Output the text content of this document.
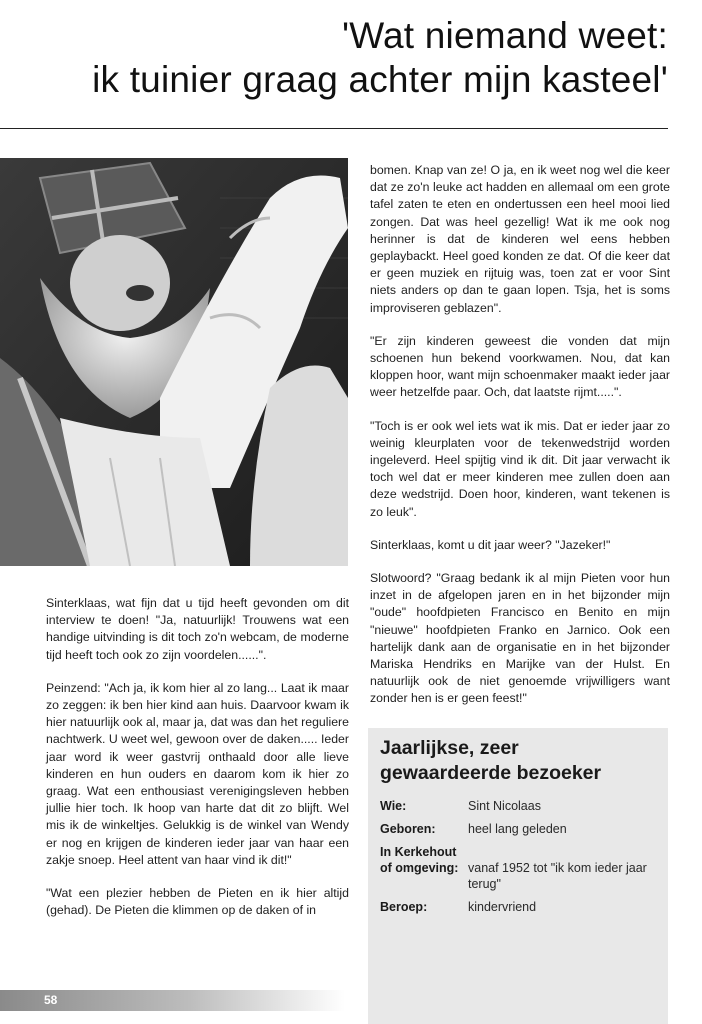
'Wat niemand weet:
ik tuinier graag achter mijn kasteel'

Sinterklaas, wat fijn dat u tijd heeft gevonden om dit interview te doen! "Ja, natuurlijk! Trouwens wat een handige uitvinding is dit toch zo'n webcam, de moderne tijd heeft toch ook zo zijn voordelen......".

Peinzend: "Ach ja, ik kom hier al zo lang... Laat ik maar zo zeggen: ik ben hier kind aan huis. Daarvoor kwam ik hier natuurlijk ook al, maar ja, dat was dan het reguliere nachtwerk. U weet wel, gewoon over de daken..... Ieder jaar word ik weer gastvrij onthaald door alle lieve kinderen en hun ouders en daarom kom ik hier zo graag. Wat een enthousiast verenigingsleven hebben jullie hier toch. Ik hoop van harte dat dit zo blijft. Wel mis ik de winkeltjes. Gelukkig is de winkel van Wendy er nog en krijgen de kinderen ieder jaar van haar een zakje snoep. Heel attent van haar vind ik dit!"

"Wat een plezier hebben de Pieten en ik hier altijd (gehad). De Pieten die klimmen op de daken of in

bomen. Knap van ze! O ja, en ik weet nog wel die keer dat ze zo'n leuke act hadden en allemaal om een grote tafel zaten te eten en ondertussen een heel mooi lied zongen. Dat was heel gezellig! Wat ik me ook nog herinner is dat de kinderen wel eens hebben geplaybackt. Heel goed konden ze dat. Of die keer dat er geen muziek en rijtuig was, toen zat er voor Sint niets anders op dan te gaan lopen. Tsja, het is soms improviseren geblazen".

"Er zijn kinderen geweest die vonden dat mijn schoenen hun bekend voorkwamen. Nou, dat kan kloppen hoor, want mijn schoenmaker maakt ieder jaar weer hetzelfde paar. Och, dat laatste rijmt.....".

"Toch is er ook wel iets wat ik mis. Dat er ieder jaar zo weinig kleurplaten voor de tekenwedstrijd worden ingeleverd. Heel spijtig vind ik dit. Dit jaar verwacht ik toch wel dat er meer kinderen mee zullen doen aan deze wedstrijd. Doen hoor, kinderen, want tekenen is zo leuk".

Sinterklaas, komt u dit jaar weer? "Jazeker!"

Slotwoord? "Graag bedank ik al mijn Pieten voor hun inzet in de afgelopen jaren en in het bijzonder mijn "oude" hoofdpieten Francisco en Benito en mijn "nieuwe" hoofdpieten Franko en Jarnico. Ook een hartelijk dank aan de organisatie en in het bijzonder Mariska Hendriks en Marijke van der Hulst. En natuurlijk ook de niet genoemde vrijwilligers want zonder hen is er geen feest!"

Jaarlijkse, zeer
gewaardeerde bezoeker
Wie:	Sint Nicolaas
Geboren:	heel lang geleden
In Kerkehout of omgeving: vanaf 1952 tot "ik kom ieder jaar terug"
Beroep:	kindervriend
58
